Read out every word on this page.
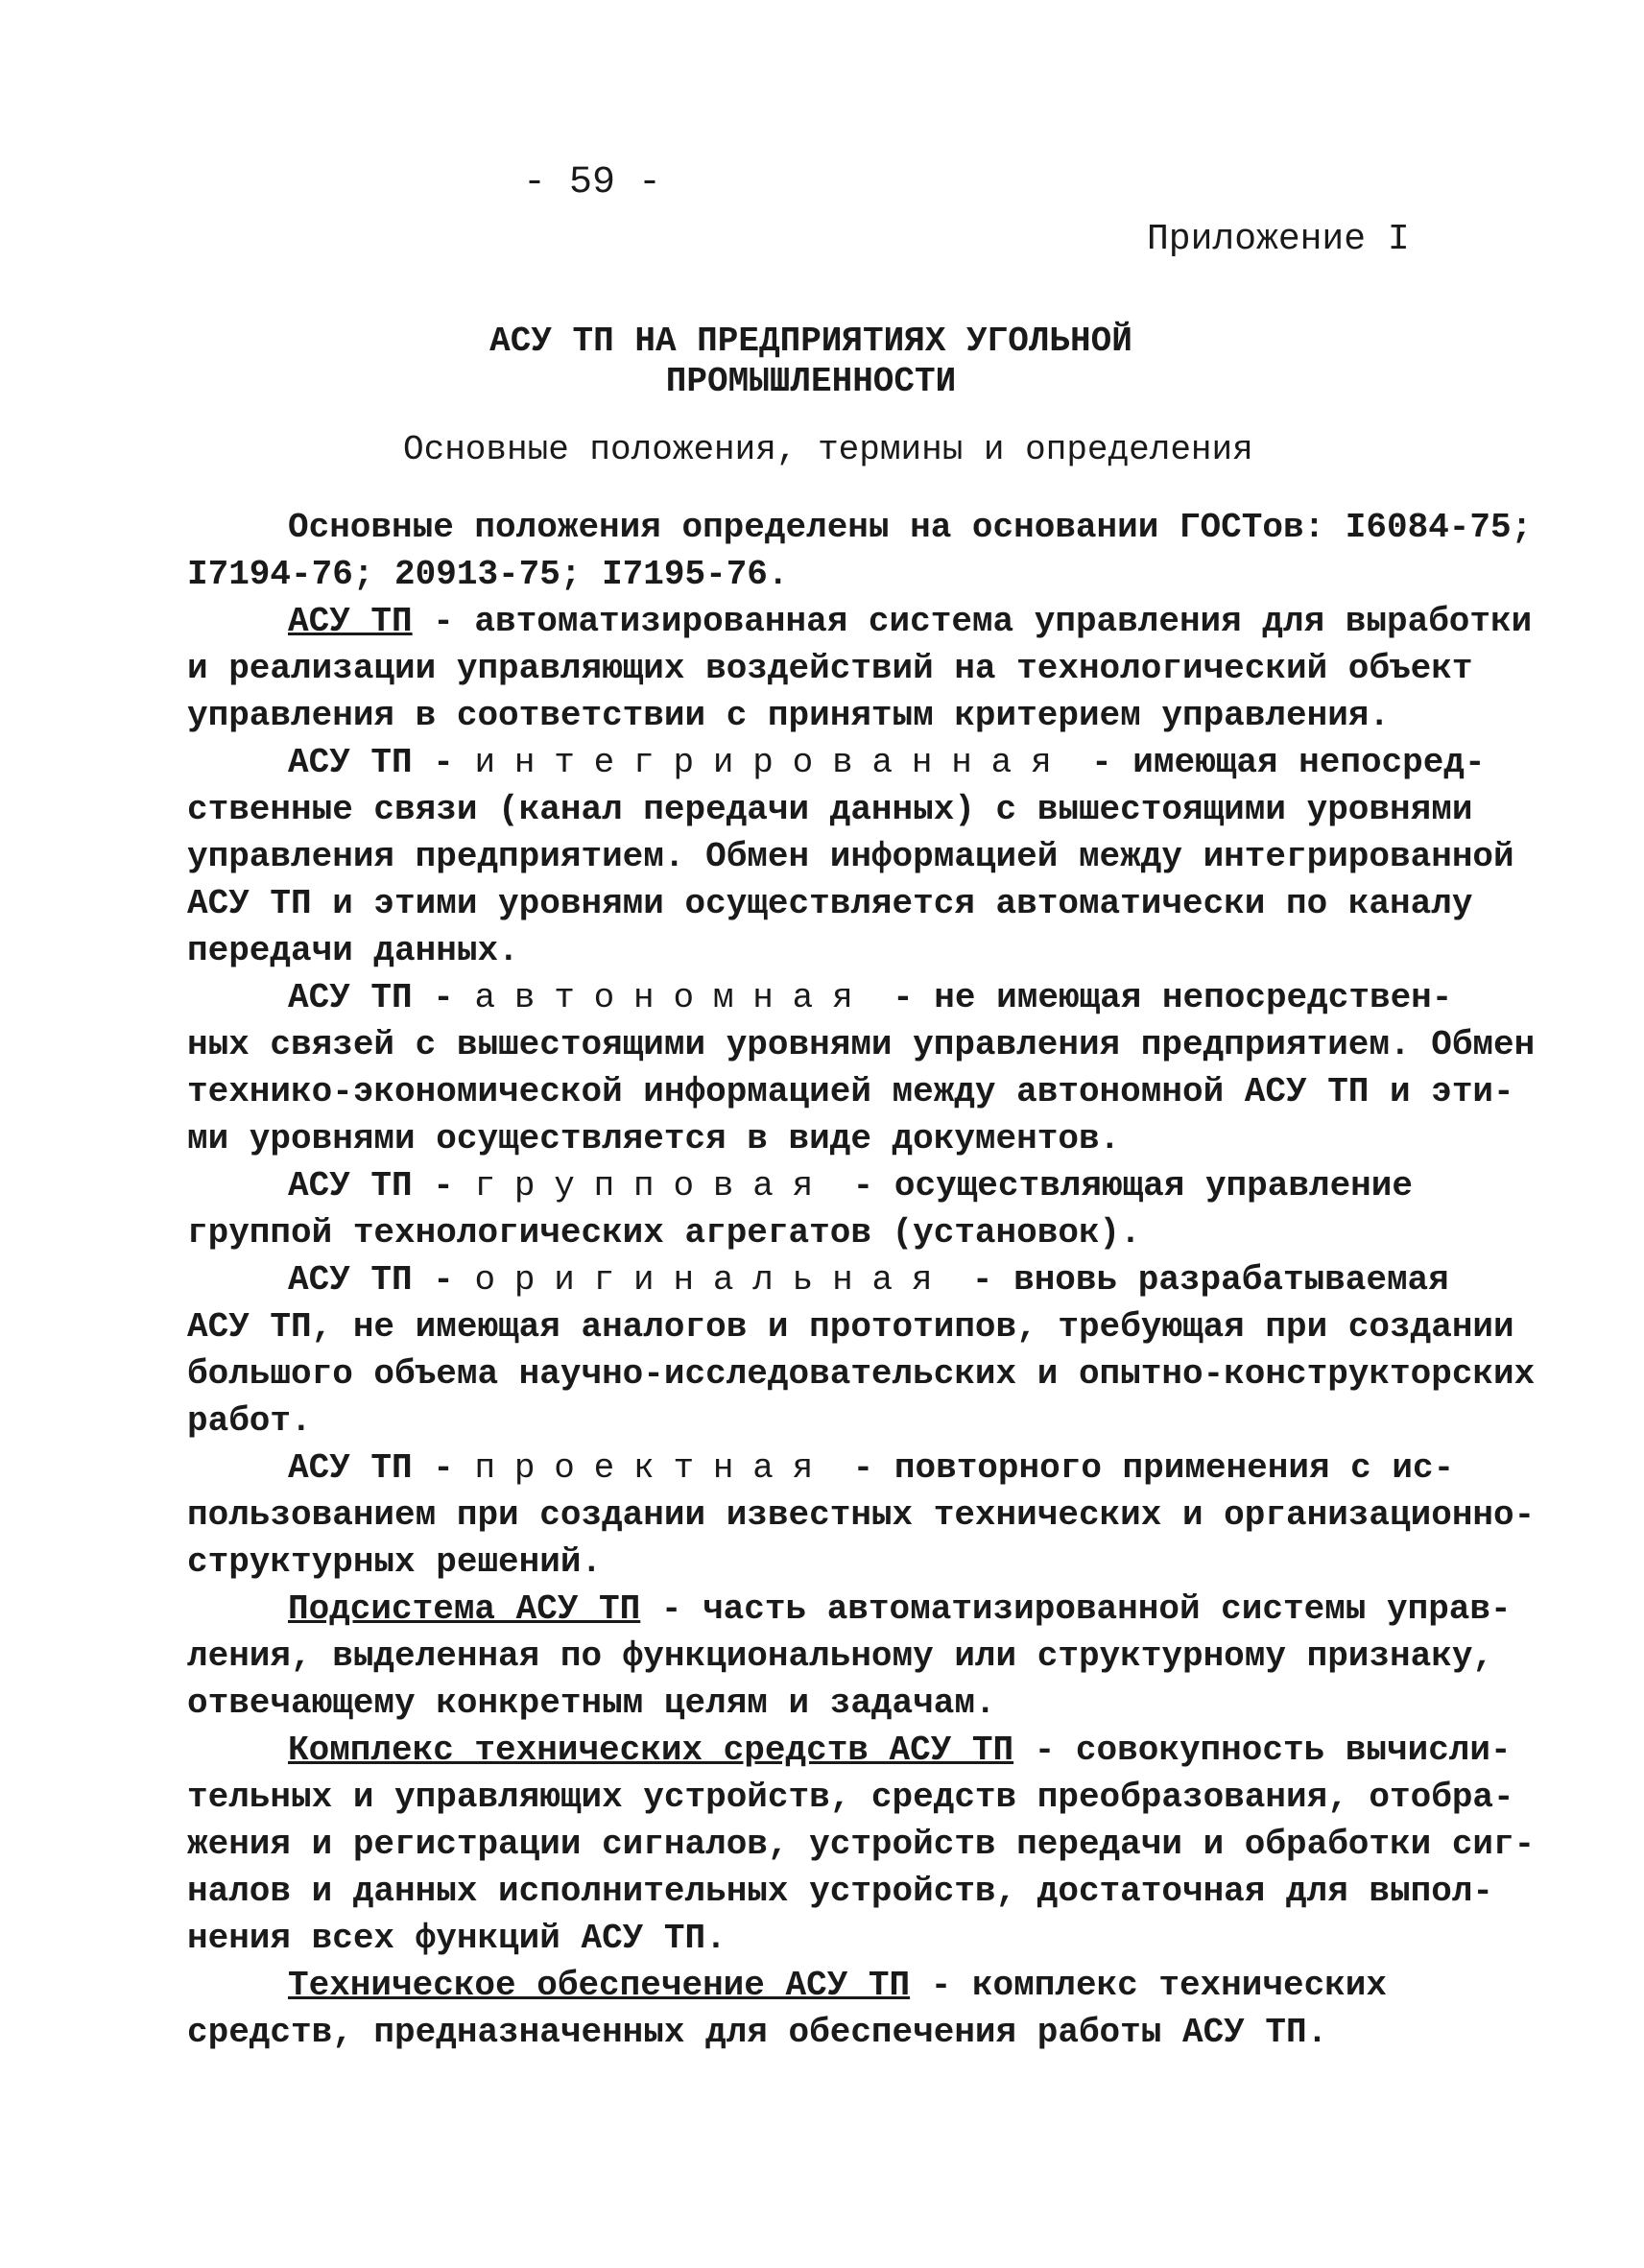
- 59 -
Приложение I
АСУ ТП НА ПРЕДПРИЯТИЯХ УГОЛЬНОЙ ПРОМЫШЛЕННОСТИ
Основные положения, термины и определения
Основные положения определены на основании ГОСТов: I6084-75;
I7194-76; 20913-75; I7195-76.
АСУ ТП - автоматизированная система управления для выработки
и реализации управляющих воздействий на технологический объект
управления в соответствии с принятым критерием управления.
АСУ ТП - интегрированная - имеющая непосред-
ственные связи (канал передачи данных) с вышестоящими уровнями
управления предприятием. Обмен информацией между интегрированной
АСУ ТП и этими уровнями осуществляется автоматически по каналу
передачи данных.
АСУ ТП - автономная - не имеющая непосредствен-
ных связей с вышестоящими уровнями управления предприятием. Обмен
технико-экономической информацией между автономной АСУ ТП и эти-
ми уровнями осуществляется в виде документов.
АСУ ТП - групповая - осуществляющая управление
группой технологических агрегатов (установок).
АСУ ТП - оригинальная - вновь разрабатываемая
АСУ ТП, не имеющая аналогов и прототипов, требующая при создании
большого объема научно-исследовательских и опытно-конструкторских
работ.
АСУ ТП - проектная - повторного применения с ис-
пользованием при создании известных технических и организационно-
структурных решений.
Подсистема АСУ ТП - часть автоматизированной системы управ-
ления, выделенная по функциональному или структурному признаку,
отвечающему конкретным целям и задачам.
Комплекс технических средств АСУ ТП - совокупность вычисли-
тельных и управляющих устройств, средств преобразования, отобра-
жения и регистрации сигналов, устройств передачи и обработки сиг-
налов и данных исполнительных устройств, достаточная для выпол-
нения всех функций АСУ ТП.
Техническое обеспечение АСУ ТП - комплекс технических
средств, предназначенных для обеспечения работы АСУ ТП.
